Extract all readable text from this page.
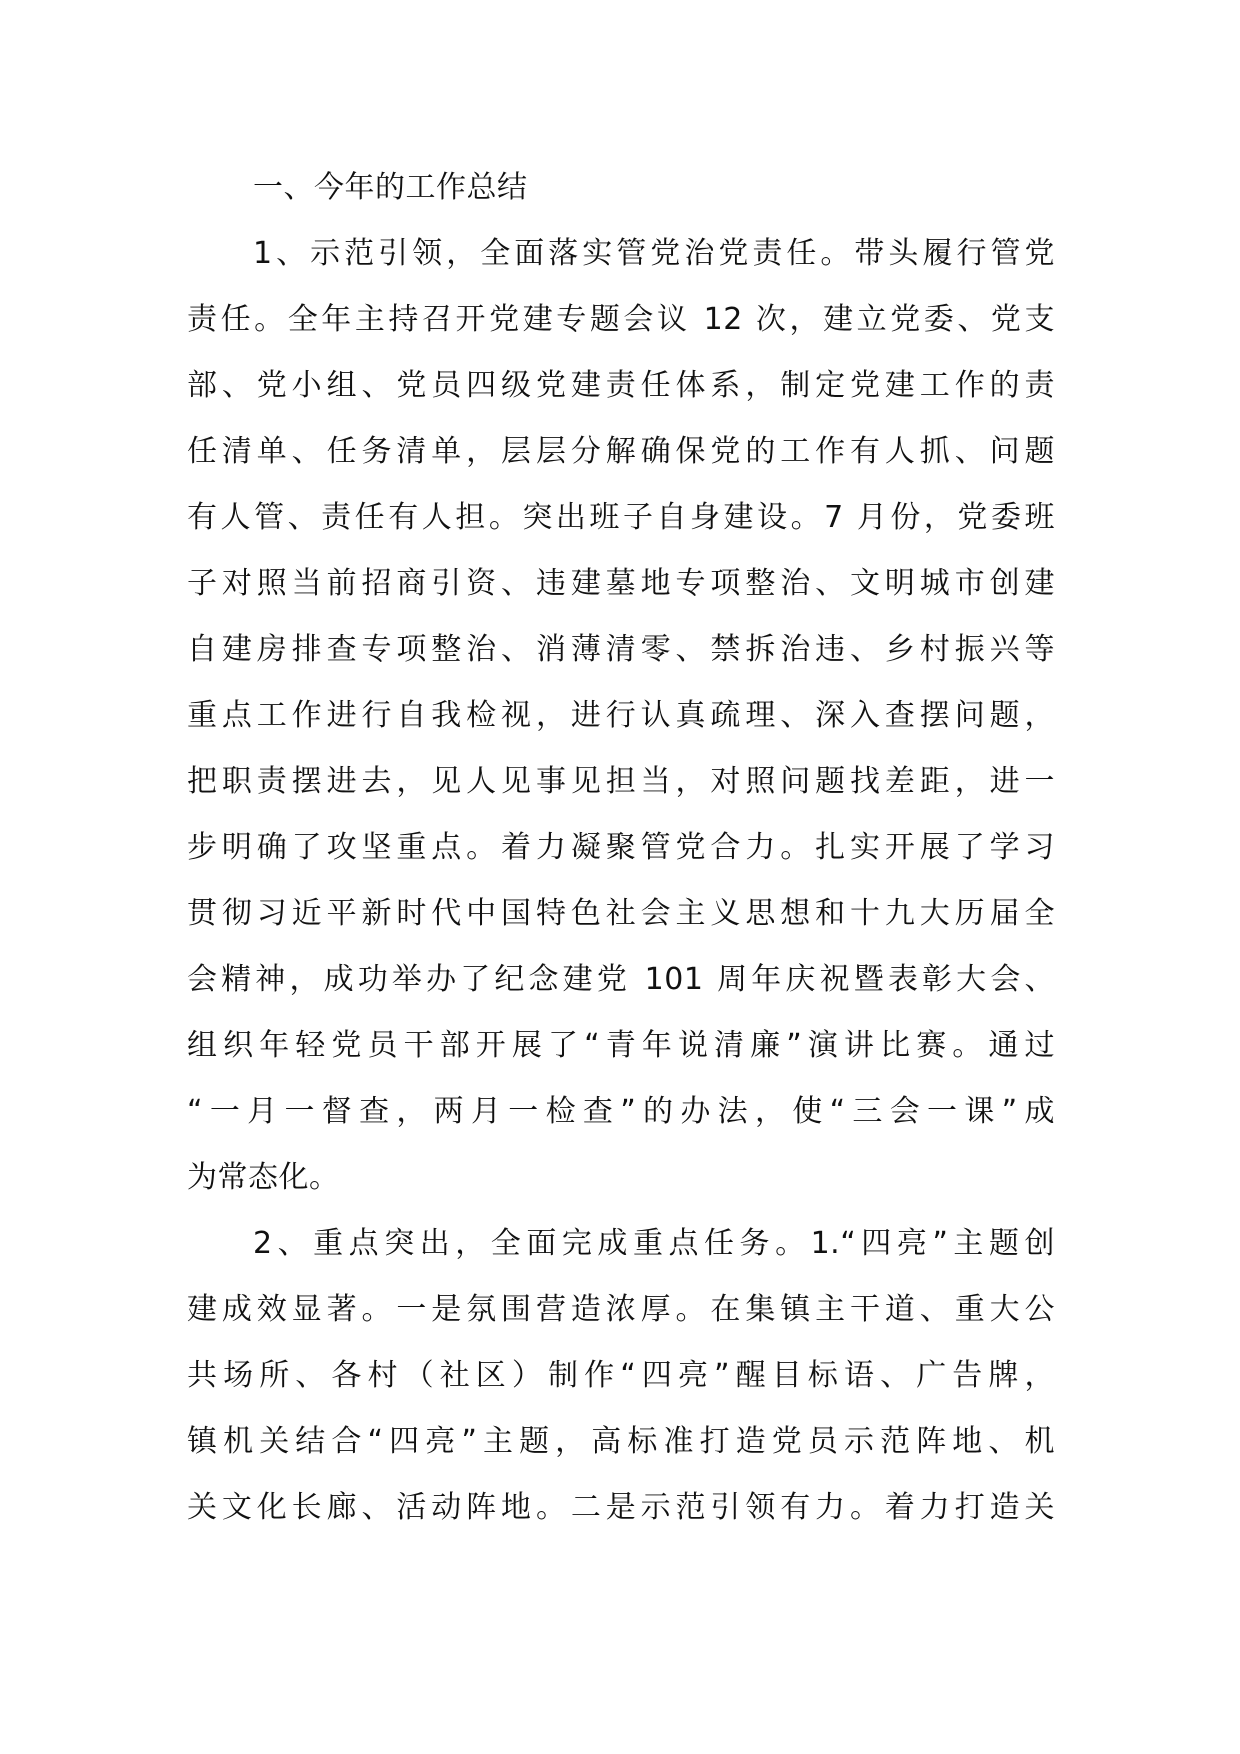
一、今年的工作总结
1、示范引领，全面落实管党治党责任。带头履行管党
责任。全年主持召开党建专题会议 12 次，建立党委、党支
部、党小组、党员四级党建责任体系，制定党建工作的责
任清单、任务清单，层层分解确保党的工作有人抓、问题
有人管、责任有人担。突出班子自身建设。7 月份，党委班
子对照当前招商引资、违建墓地专项整治、文明城市创建
自建房排查专项整治、消薄清零、禁拆治违、乡村振兴等
重点工作进行自我检视，进行认真疏理、深入查摆问题，
把职责摆进去，见人见事见担当，对照问题找差距，进一
步明确了攻坚重点。着力凝聚管党合力。扎实开展了学习
贯彻习近平新时代中国特色社会主义思想和十九大历届全
会精神，成功举办了纪念建党 101 周年庆祝暨表彰大会、
组织年轻党员干部开展了“青年说清廉”演讲比赛。通过
“一月一督查，两月一检查”的办法，使“三会一课”成
为常态化。
2、重点突出，全面完成重点任务。1.“四亮”主题创
建成效显著。一是氛围营造浓厚。在集镇主干道、重大公
共场所、各村（社区）制作“四亮”醒目标语、广告牌，
镇机关结合“四亮”主题，高标准打造党员示范阵地、机
关文化长廊、活动阵地。二是示范引领有力。着力打造关
